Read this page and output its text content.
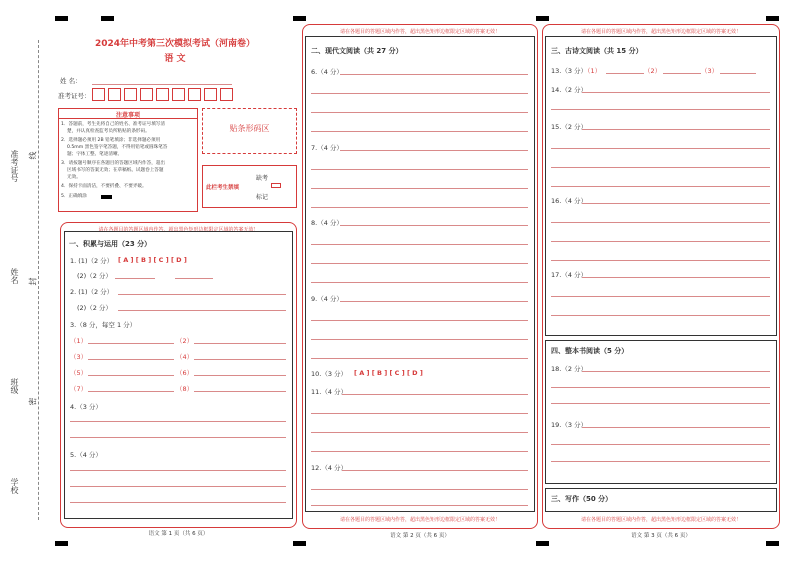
准考证号
姓名
班级
学校
线
封
密
2024年中考第三次模拟考试（河南卷）
语 文
姓 名：
准考证号：
注意事项
1．答题前，考生先将自己的姓名、准考证号填写清
楚，并认真检查监考员所粘贴的条形码。
2．选择题必须用 2B 铅笔填涂；非选择题必须用
0.5mm 黑色签字笔答题，不得用铅笔或圆珠笔答
题；字体工整、笔迹清晰。
3．请按题号顺序在各题目的答题区域内作答，超出
区域书写的答案无效；在草稿纸、试题卷上答题
无效。
4．保持卡面清洁，不要折叠、不要弄破。
5．正确填涂
贴条形码区
此栏考生禁填
缺考
标记
请在各题目的答题区域内作答，超出黑色矩形边框限定区域的答案无效！
一、积累与运用（23 分）
1. (1)（2 分） [ A ] [ B ] [ C ] [ D ]
(2)（2 分）
2. (1)（2 分）
(2)（2 分）
3.（8 分，每空 1 分）
（1）	（2）
（3）	（4）
（5）	（6）
（7）	（8）
4.（3 分）
5.（4 分）
语文 第 1 页（共 6 页）
请在各题目的答题区域内作答，超出黑色矩形边框限定区域的答案无效！
二、现代文阅读（共 27 分）
6.（4 分）
7.（4 分）
8.（4 分）
9.（4 分）
10.（3 分） [ A ] [ B ] [ C ] [ D ]
11.（4 分）
12.（4 分）
请在各题目的答题区域内作答，超出黑色矩形边框限定区域的答案无效！
语文 第 2 页（共 6 页）
请在各题目的答题区域内作答，超出黑色矩形边框限定区域的答案无效！
三、古诗文阅读（共 15 分）
13.（3 分）
（1）	（2）	（3）
14.（2 分）
15.（2 分）
16.（4 分）
17.（4 分）
四、整本书阅读（5 分）
18.（2 分）
19.（3 分）
三、写作（50 分）
请在各题目的答题区域内作答，超出黑色矩形边框限定区域的答案无效！
语文 第 3 页（共 6 页）
